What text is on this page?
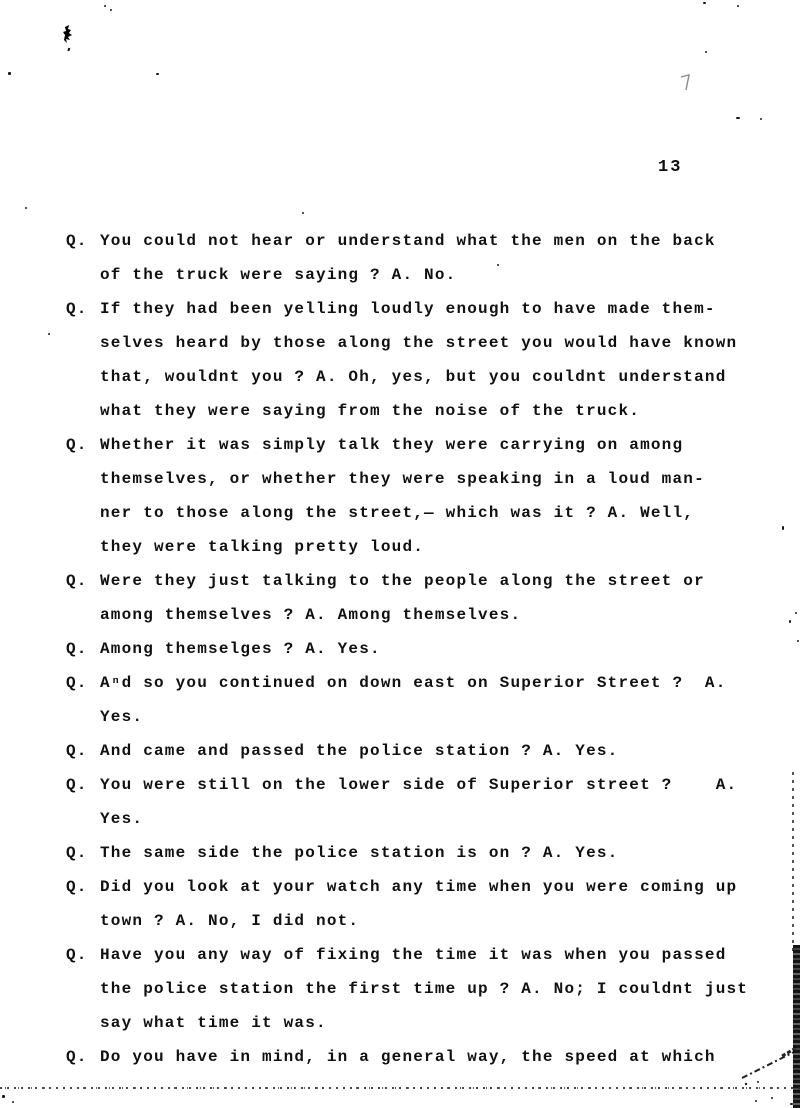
13
Q. You could not hear or understand what the men on the back
of the truck were saying ? A. No.
Q. If they had been yelling loudly enough to have made them-
selves heard by those along the street you would have known
that, wouldnt you ? A. Oh, yes, but you couldnt understand
what they were saying from the noise of the truck.
Q. Whether it was simply talk they were carrying on among
themselves, or whether they were speaking in a loud man-
ner to those along the street,— which was it ? A. Well,
they were talking pretty loud.
Q. Were they just talking to the people along the street or
among themselves ? A. Among themselves.
Q. Among themselges ? A. Yes.
Q. Aⁿd so you continued on down east on Superior Street ?  A.
Yes.
Q. And came and passed the police station ? A. Yes.
Q. You were still on the lower side of Superior street ?    A.
Yes.
Q. The same side the police station is on ? A. Yes.
Q. Did you look at your watch any time when you were coming up
town ? A. No, I did not.
Q. Have you any way of fixing the time it was when you passed
the police station the first time up ? A. No; I couldnt just
say what time it was.
Q. Do you have in mind, in a general way, the speed at which
